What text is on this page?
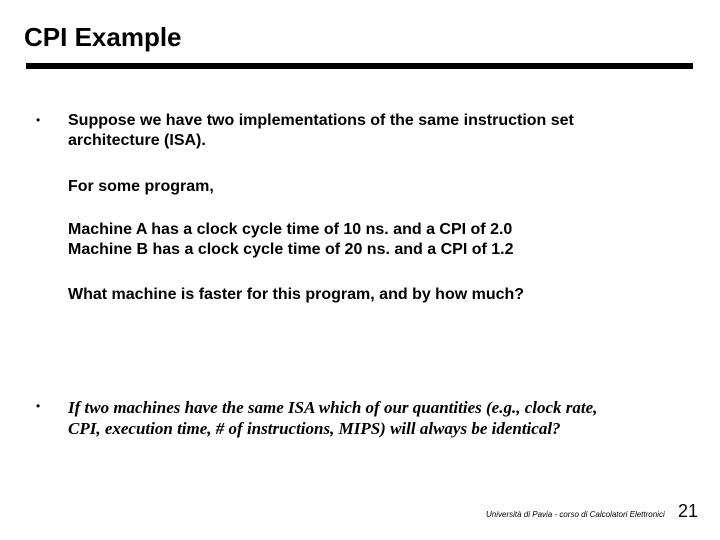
CPI Example
• Suppose we have two implementations of the same instruction set
architecture (ISA).
For some program,
Machine A has a clock cycle time of 10 ns. and a CPI of 2.0
Machine B has a clock cycle time of 20 ns. and a CPI of 1.2
What machine is faster for this program, and by how much?
• If two machines have the same ISA which of our quantities (e.g., clock rate,
CPI, execution time, # of instructions, MIPS) will always be identical?
Università di Pavia - corso di Calcolatori Elettronici 21
